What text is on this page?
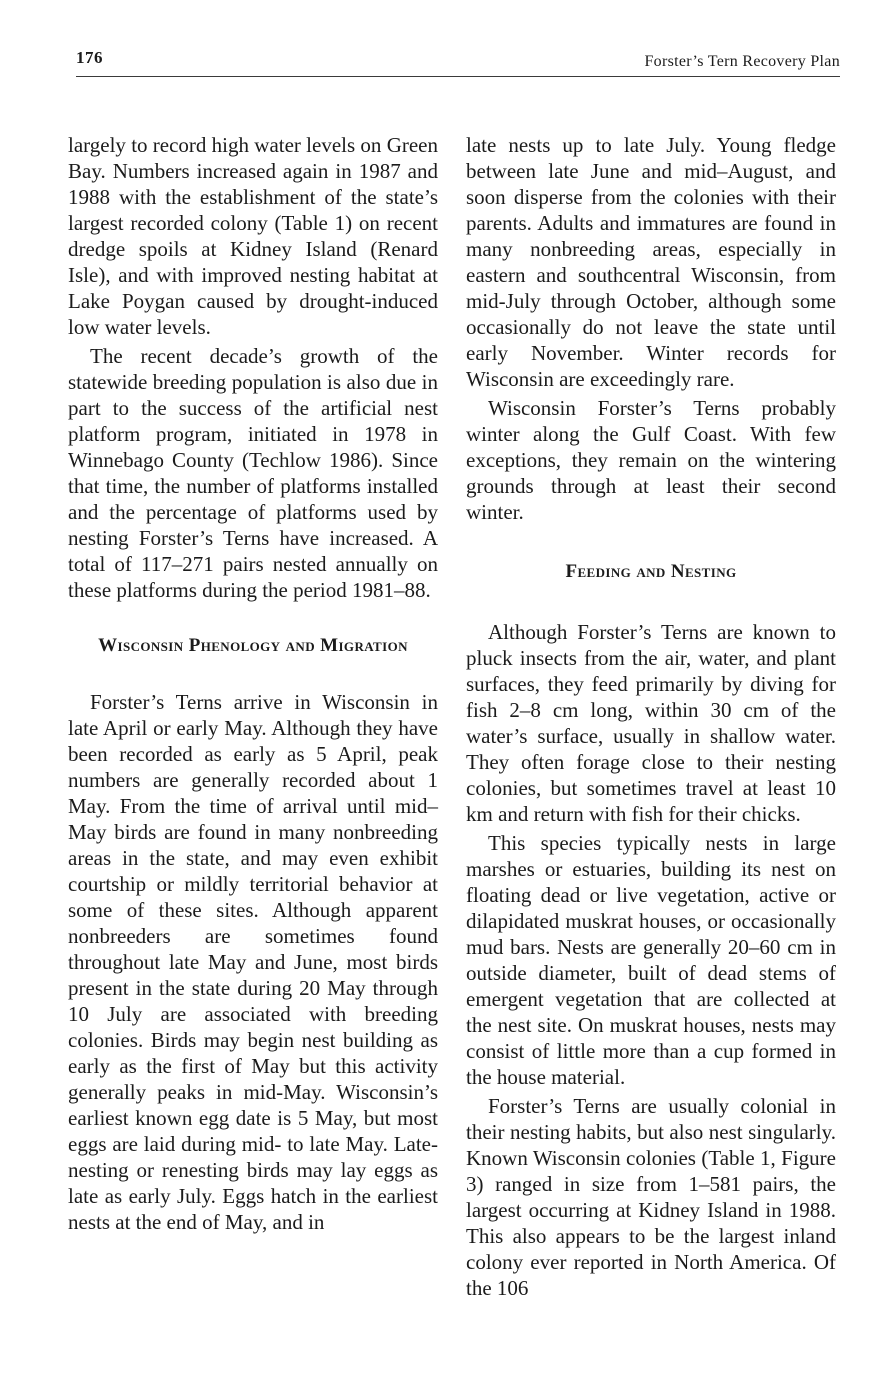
176	Forster’s Tern Recovery Plan

largely to record high water levels on Green Bay. Numbers increased again in 1987 and 1988 with the establishment of the state’s largest recorded colony (Table 1) on recent dredge spoils at Kidney Island (Renard Isle), and with improved nesting habitat at Lake Poygan caused by drought-induced low water levels.

The recent decade’s growth of the statewide breeding population is also due in part to the success of the artificial nest platform program, initiated in 1978 in Winnebago County (Techlow 1986). Since that time, the number of platforms installed and the percentage of platforms used by nesting Forster’s Terns have increased. A total of 117–271 pairs nested annually on these platforms during the period 1981–88.

Wisconsin Phenology and Migration

Forster’s Terns arrive in Wisconsin in late April or early May. Although they have been recorded as early as 5 April, peak numbers are generally recorded about 1 May. From the time of arrival until mid–May birds are found in many nonbreeding areas in the state, and may even exhibit courtship or mildly territorial behavior at some of these sites. Although apparent nonbreeders are sometimes found throughout late May and June, most birds present in the state during 20 May through 10 July are associated with breeding colonies. Birds may begin nest building as early as the first of May but this activity generally peaks in mid-May. Wisconsin’s earliest known egg date is 5 May, but most eggs are laid during mid- to late May. Late-nesting or renesting birds may lay eggs as late as early July. Eggs hatch in the earliest nests at the end of May, and in

late nests up to late July. Young fledge between late June and mid–August, and soon disperse from the colonies with their parents. Adults and immatures are found in many nonbreeding areas, especially in eastern and southcentral Wisconsin, from mid-July through October, although some occasionally do not leave the state until early November. Winter records for Wisconsin are exceedingly rare.

Wisconsin Forster’s Terns probably winter along the Gulf Coast. With few exceptions, they remain on the wintering grounds through at least their second winter.

Feeding and Nesting

Although Forster’s Terns are known to pluck insects from the air, water, and plant surfaces, they feed primarily by diving for fish 2–8 cm long, within 30 cm of the water’s surface, usually in shallow water. They often forage close to their nesting colonies, but sometimes travel at least 10 km and return with fish for their chicks.

This species typically nests in large marshes or estuaries, building its nest on floating dead or live vegetation, active or dilapidated muskrat houses, or occasionally mud bars. Nests are generally 20–60 cm in outside diameter, built of dead stems of emergent vegetation that are collected at the nest site. On muskrat houses, nests may consist of little more than a cup formed in the house material.

Forster’s Terns are usually colonial in their nesting habits, but also nest singularly. Known Wisconsin colonies (Table 1, Figure 3) ranged in size from 1–581 pairs, the largest occurring at Kidney Island in 1988. This also appears to be the largest inland colony ever reported in North America. Of the 106
